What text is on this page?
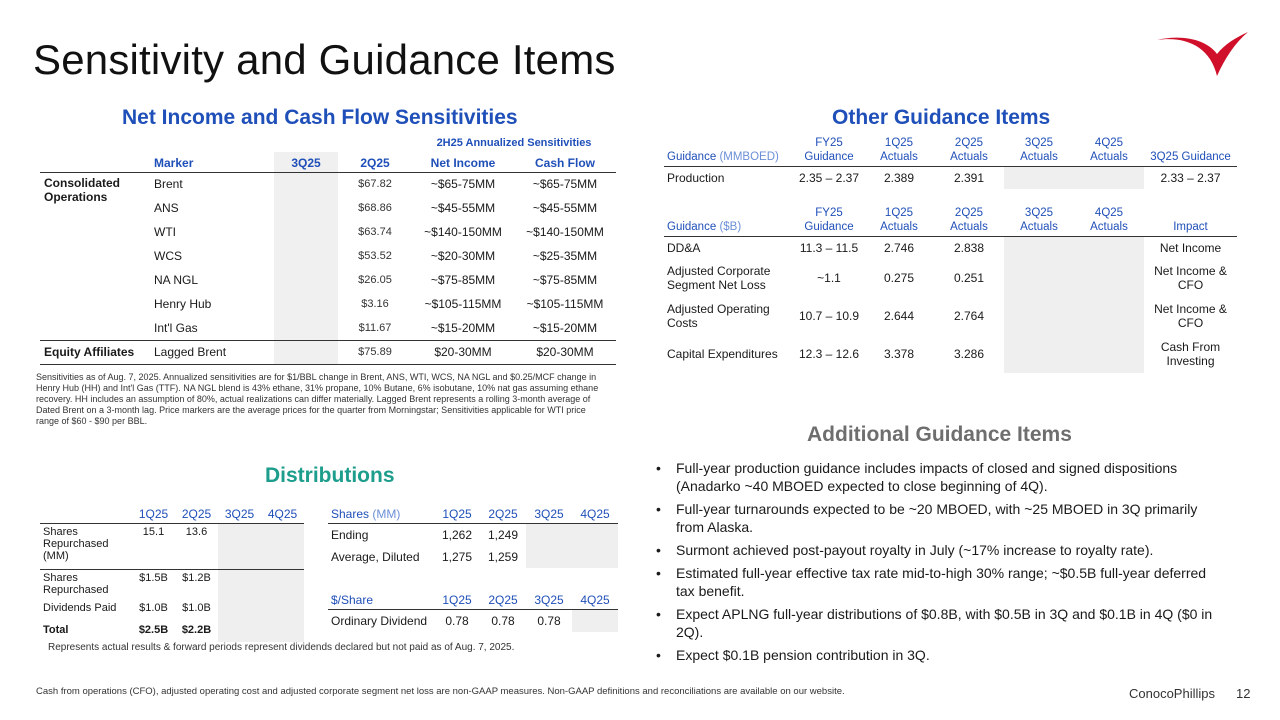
Sensitivity and Guidance Items
Net Income and Cash Flow Sensitivities
				2H25 Annualized Sensitivities	
	Marker	3Q25	2Q25	Net Income	Cash Flow
Consolidated Operations	Brent		$67.82	~$65-75MM	~$65-75MM
	ANS		$68.86	~$45-55MM	~$45-55MM
	WTI		$63.74	~$140-150MM	~$140-150MM
	WCS		$53.52	~$20-30MM	~$25-35MM
	NA NGL		$26.05	~$75-85MM	~$75-85MM
	Henry Hub		$3.16	~$105-115MM	~$105-115MM
	Int'l Gas		$11.67	~$15-20MM	~$15-20MM
Equity Affiliates	Lagged Brent		$75.89	$20-30MM	$20-30MM
Sensitivities as of Aug. 7, 2025. Annualized sensitivities are for $1/BBL change in Brent, ANS, WTI, WCS, NA NGL and $0.25/MCF change in Henry Hub (HH) and Int'l Gas (TTF). NA NGL blend is 43% ethane, 31% propane, 10% Butane, 6% isobutane, 10% nat gas assuming ethane recovery. HH includes an assumption of 80%, actual realizations can differ materially. Lagged Brent represents a rolling 3-month average of Dated Brent on a 3-month lag. Price markers are the average prices for the quarter from Morningstar; Sensitivities applicable for WTI price range of $60 - $90 per BBL.
Other Guidance Items
Guidance (MMBOED)	FY25 Guidance	1Q25 Actuals	2Q25 Actuals	3Q25 Actuals	4Q25 Actuals	3Q25 Guidance
Production	2.35 – 2.37	2.389	2.391			2.33 – 2.37
Guidance ($B)	FY25 Guidance	1Q25 Actuals	2Q25 Actuals	3Q25 Actuals	4Q25 Actuals	Impact
DD&A	11.3 – 11.5	2.746	2.838			Net Income
Adjusted Corporate Segment Net Loss	~1.1	0.275	0.251			Net Income & CFO
Adjusted Operating Costs	10.7 – 10.9	2.644	2.764			Net Income & CFO
Capital Expenditures	12.3 – 12.6	3.378	3.286			Cash From Investing
Additional Guidance Items
• Full-year production guidance includes impacts of closed and signed dispositions (Anadarko ~40 MBOED expected to close beginning of 4Q).
• Full-year turnarounds expected to be ~20 MBOED, with ~25 MBOED in 3Q primarily from Alaska.
• Surmont achieved post-payout royalty in July (~17% increase to royalty rate).
• Estimated full-year effective tax rate mid-to-high 30% range; ~$0.5B full-year deferred tax benefit.
• Expect APLNG full-year distributions of $0.8B, with $0.5B in 3Q and $0.1B in 4Q ($0 in 2Q).
• Expect $0.1B pension contribution in 3Q.
Distributions
	1Q25	2Q25	3Q25	4Q25
Shares Repurchased (MM)	15.1	13.6		
Shares Repurchased	$1.5B	$1.2B		
Dividends Paid	$1.0B	$1.0B		
Total	$2.5B	$2.2B		
Shares (MM)	1Q25	2Q25	3Q25	4Q25
Ending	1,262	1,249		
Average, Diluted	1,275	1,259		
$/Share	1Q25	2Q25	3Q25	4Q25
Ordinary Dividend	0.78	0.78	0.78	
Represents actual results & forward periods represent dividends declared but not paid as of Aug. 7, 2025.
Cash from operations (CFO), adjusted operating cost and adjusted corporate segment net loss are non-GAAP measures. Non-GAAP definitions and reconciliations are available on our website.	ConocoPhillips 12
